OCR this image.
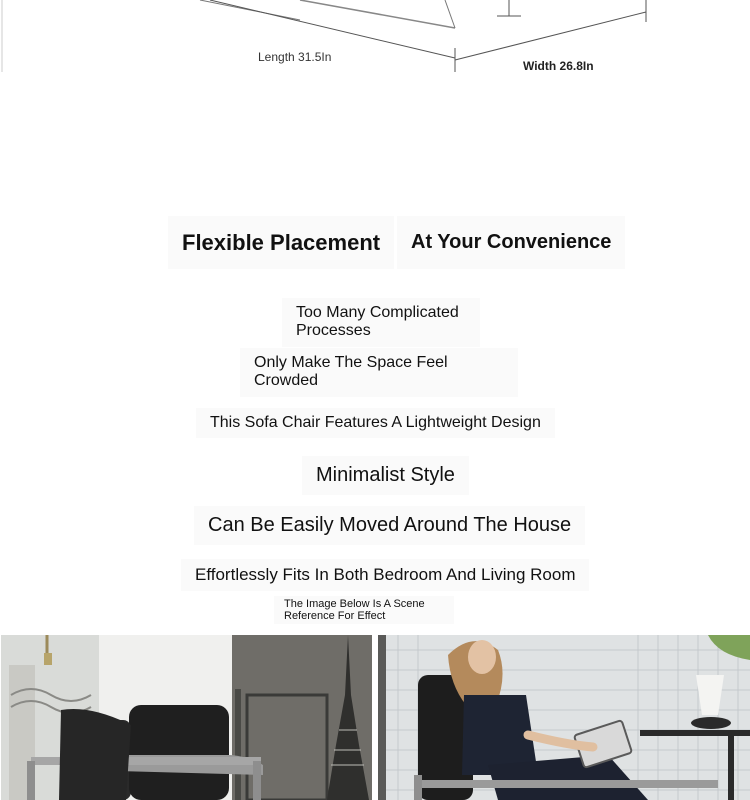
Length 31.5In
Width 26.8In
Flexible Placement	At Your Convenience
Too Many Complicated Processes
Only Make The Space Feel Crowded
This Sofa Chair Features A Lightweight Design
Minimalist Style
Can Be Easily Moved Around The House
Effortlessly Fits In Both Bedroom And Living Room
The Image Below Is A Scene Reference For Effect
